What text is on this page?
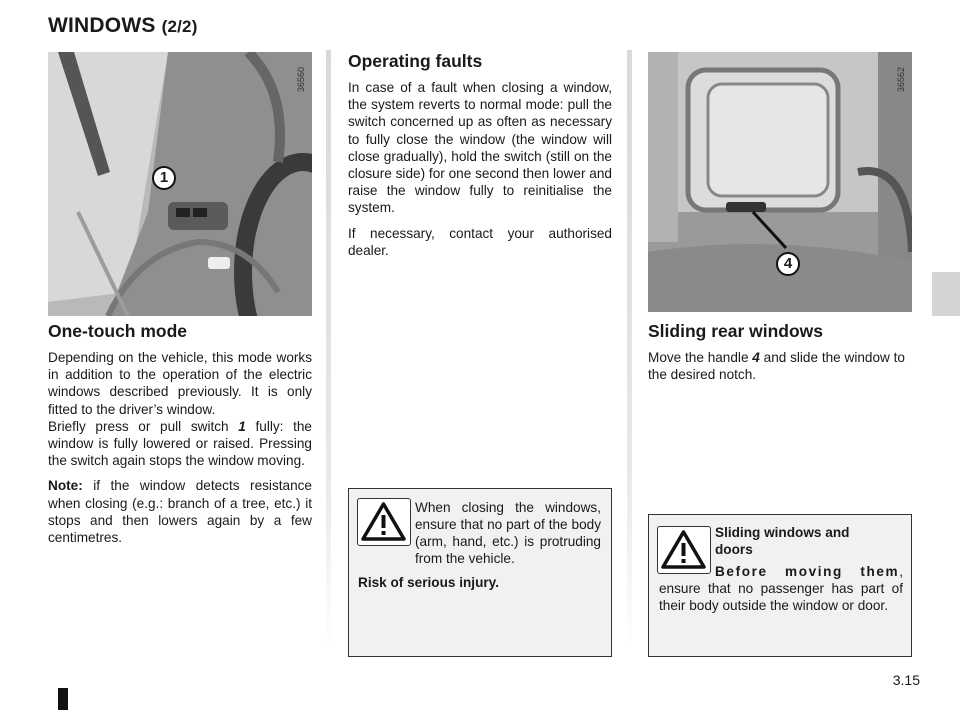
WINDOWS (2/2)
36560
1
36562
4
One-touch mode

Depending on the vehicle, this mode works in addition to the operation of the electric windows described previously. It is only fitted to the driver’s window.

Briefly press or pull switch 1 fully: the window is fully lowered or raised. Pressing the switch again stops the window moving.

Note: if the window detects resistance when closing (e.g.: branch of a tree, etc.) it stops and then lowers again by a few centimetres.

Operating faults

In case of a fault when closing a window, the system reverts to normal mode: pull the switch concerned up as often as necessary to fully close the window (the window will close gradually), hold the switch (still on the closure side) for one second then lower and raise the window fully to reinitialise the system.

If necessary, contact your authorised dealer.

When closing the windows, ensure that no part of the body (arm, hand, etc.) is protruding from the vehicle.
Risk of serious injury.
Sliding rear windows

Move the handle 4 and slide the window to the desired notch.

Sliding windows and doors
Before moving them, ensure that no passenger has part of their body outside the window or door.
3.15
